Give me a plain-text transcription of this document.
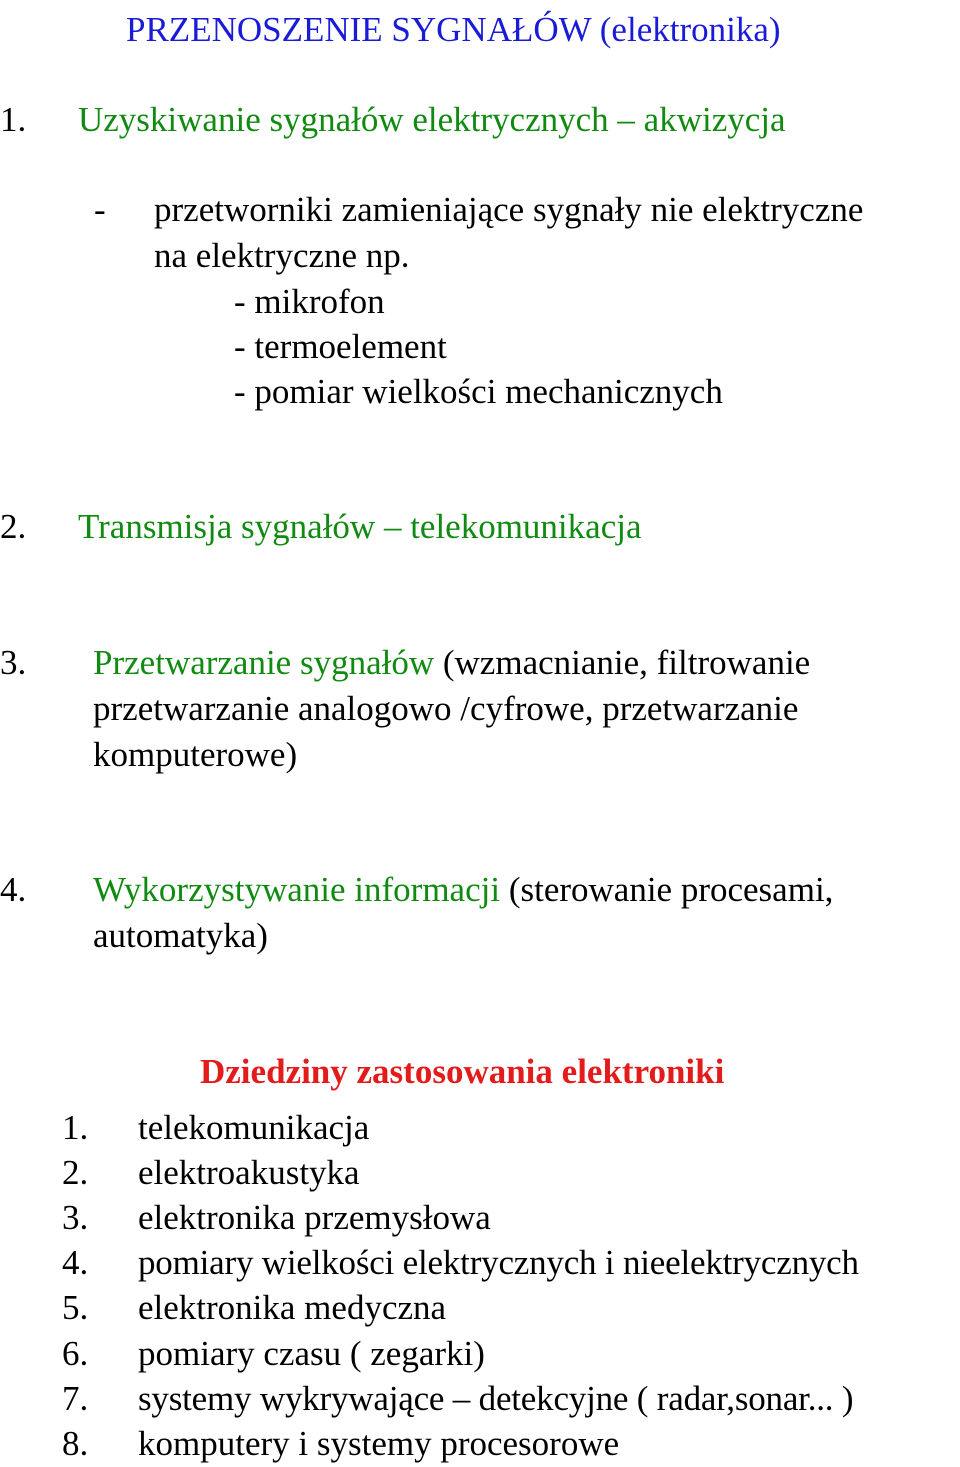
PRZENOSZENIE SYGNAŁÓW (elektronika)
1. Uzyskiwanie sygnałów elektrycznych – akwizycja
- przetworniki zamieniające sygnały nie elektryczne
na elektryczne np.
- mikrofon
- termoelement
- pomiar wielkości mechanicznych
2. Transmisja sygnałów – telekomunikacja
3. Przetwarzanie sygnałów (wzmacnianie, filtrowanie
przetwarzanie analogowo /cyfrowe, przetwarzanie
komputerowe)
4. Wykorzystywanie informacji (sterowanie procesami,
automatyka)
Dziedziny zastosowania elektroniki
1. telekomunikacja
2. elektroakustyka
3. elektronika przemysłowa
4. pomiary wielkości elektrycznych i nieelektrycznych
5. elektronika medyczna
6. pomiary czasu ( zegarki)
7. systemy wykrywające – detekcyjne ( radar,sonar... )
8. komputery i systemy procesorowe
